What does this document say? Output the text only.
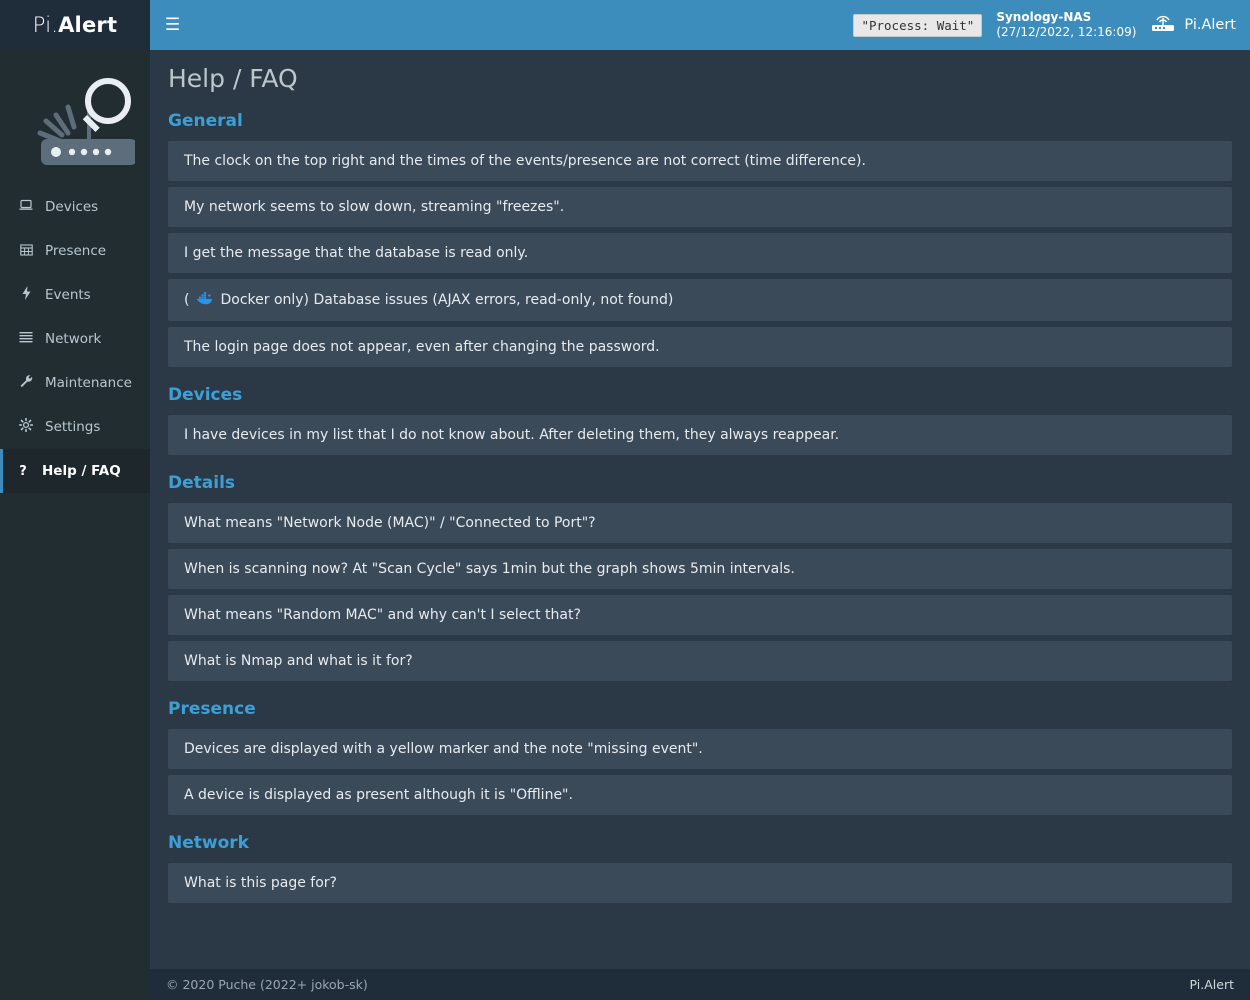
Pi. Alert	☰	"Process: Wait"
Synology-NAS
(27/12/2022, 12:16:09)	Pi.Alert
Devices
Presence
Events
Network
Maintenance
Settings
?	Help / FAQ
Help / FAQ
General
The clock on the top right and the times of the events/presence are not correct (time difference).
My network seems to slow down, streaming "freezes".
I get the message that the database is read only.
( Docker only) Database issues (AJAX errors, read-only, not found)
The login page does not appear, even after changing the password.
Devices
I have devices in my list that I do not know about. After deleting them, they always reappear.
Details
What means "Network Node (MAC)" / "Connected to Port"?
When is scanning now? At "Scan Cycle" says 1min but the graph shows 5min intervals.
What means "Random MAC" and why can't I select that?
What is Nmap and what is it for?
Presence
Devices are displayed with a yellow marker and the note "missing event".
A device is displayed as present although it is "Offline".
Network
What is this page for?
© 2020 Puche (2022+ jokob-sk)	Pi.Alert
